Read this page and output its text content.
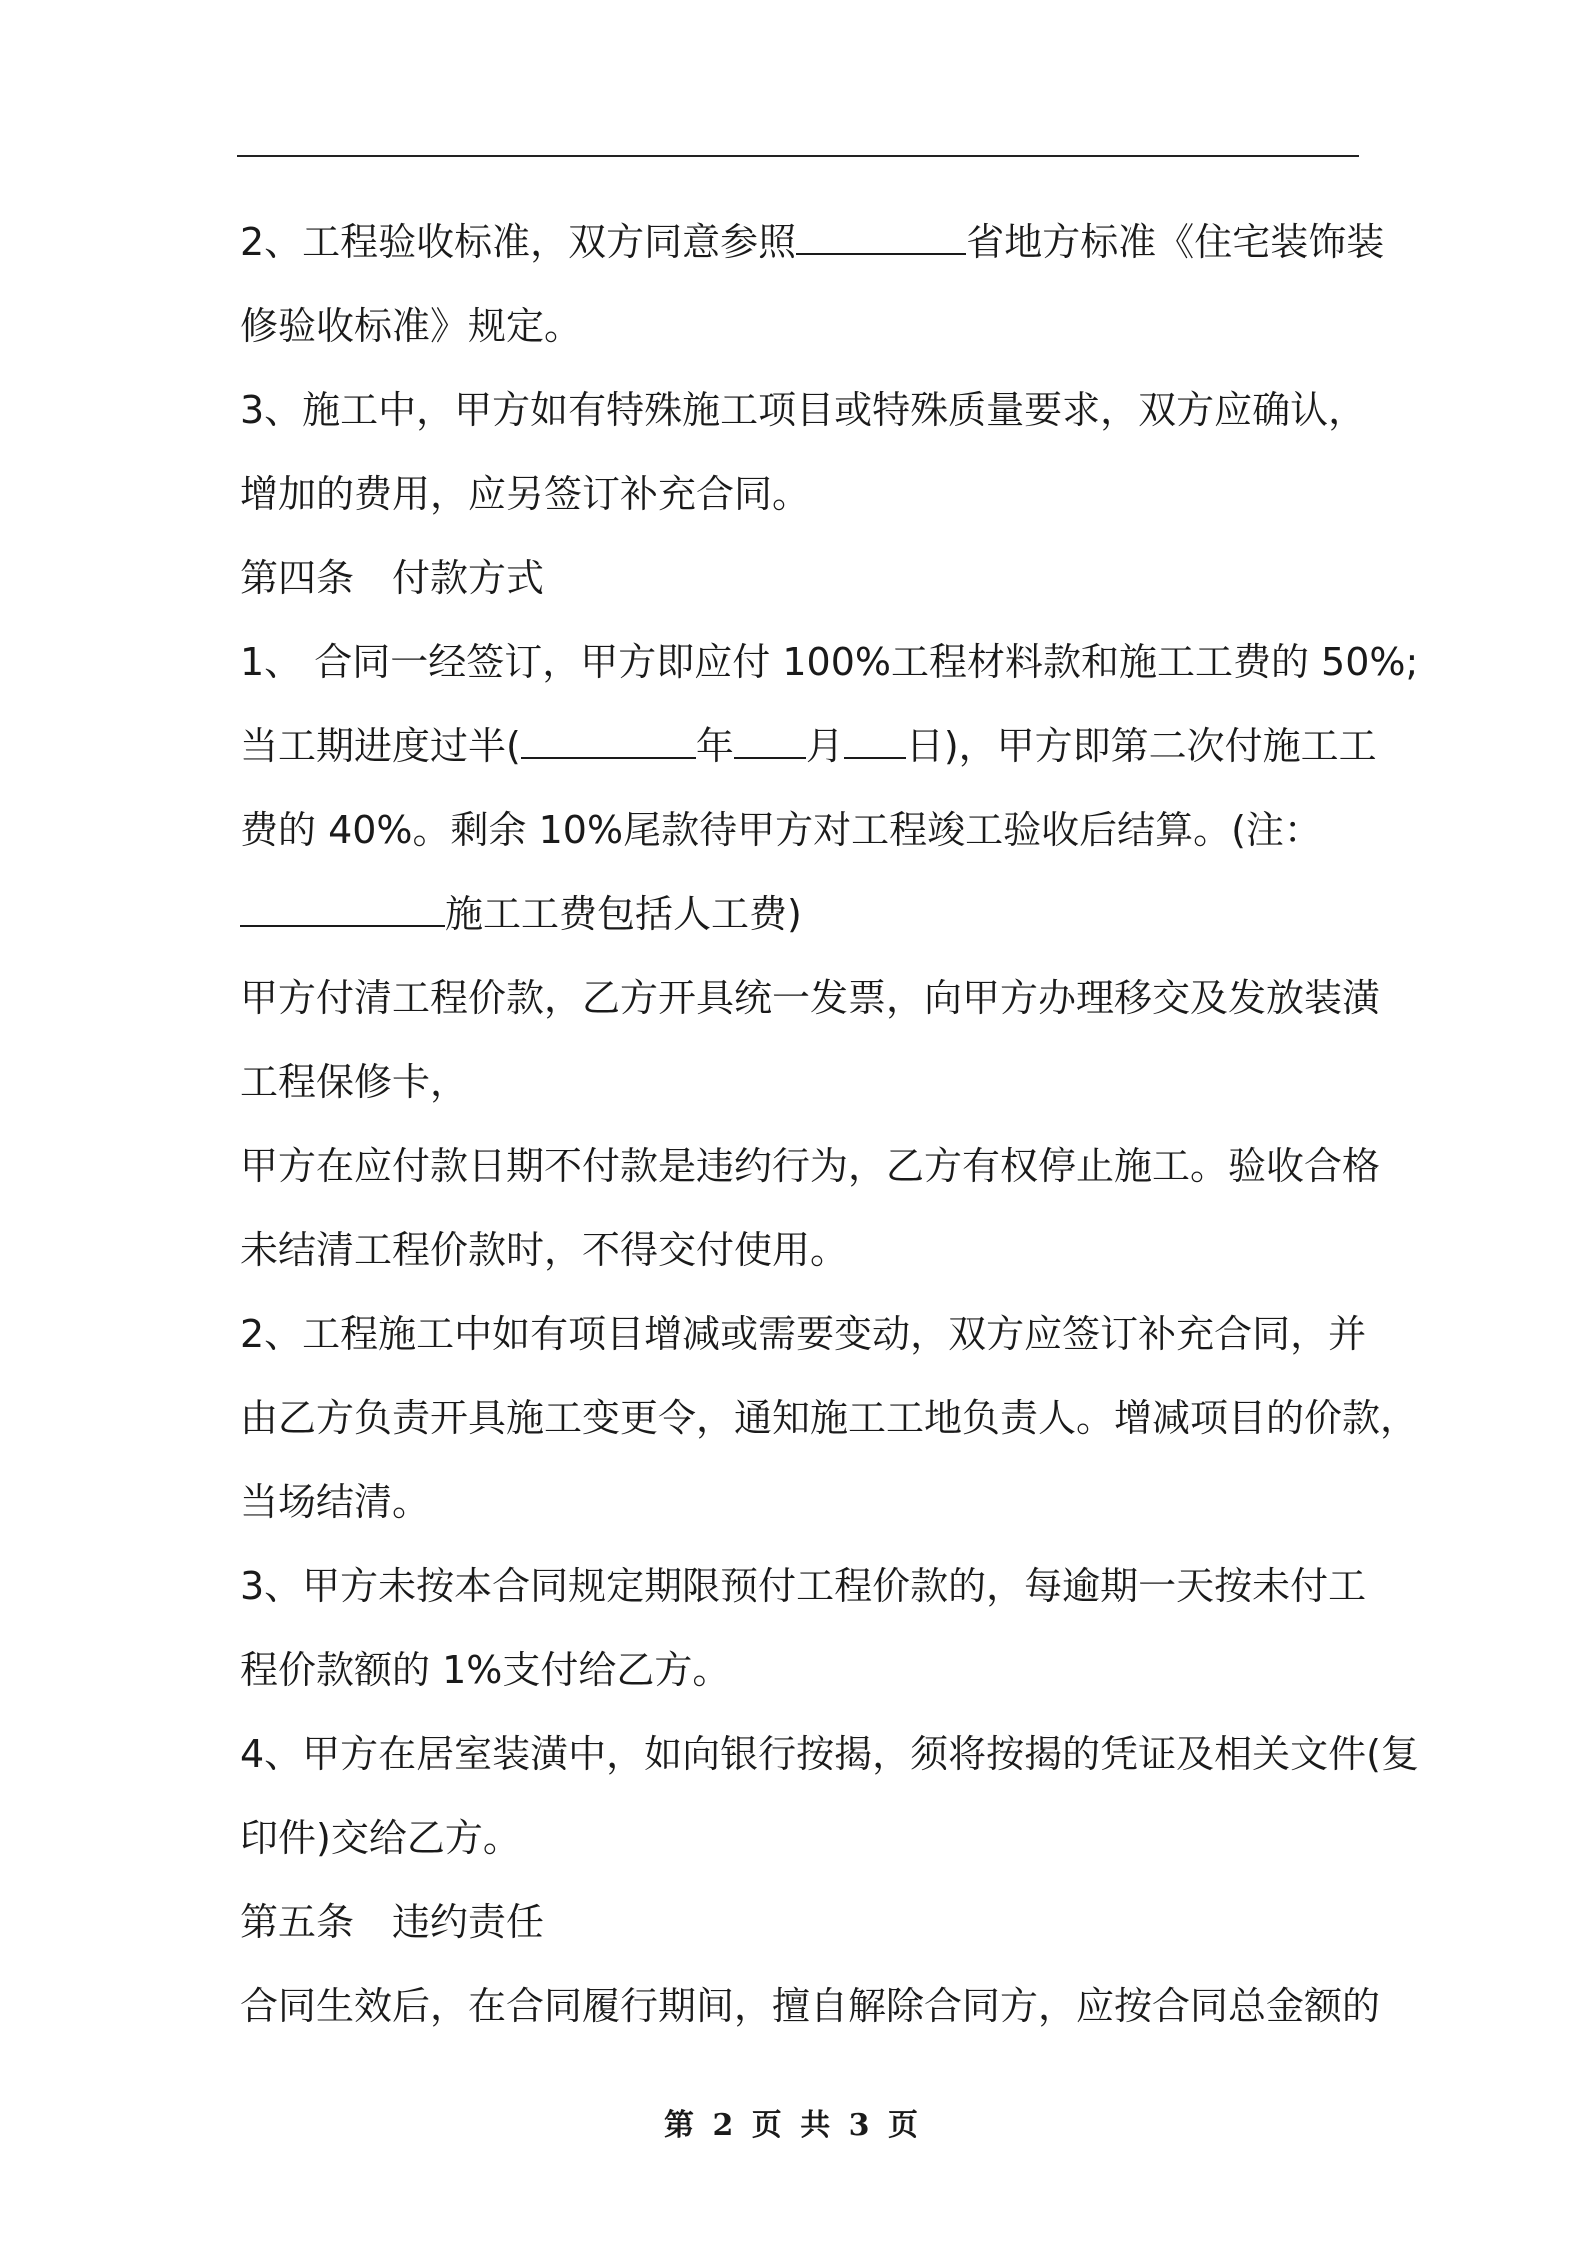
2、工程验收标准，双方同意参照	省地方标准《住宅装饰装
修验收标准》规定。
3、施工中，甲方如有特殊施工项目或特殊质量要求，双方应确认，
增加的费用，应另签订补充合同。
第四条 付款方式
1、 合同一经签订，甲方即应付 100%工程材料款和施工工费的 50%;
当工期进度过半(	年 月 日)，甲方即第二次付施工工
费的 40%。剩余 10%尾款待甲方对工程竣工验收后结算。(注：
施工工费包括人工费)
甲方付清工程价款，乙方开具统一发票，向甲方办理移交及发放装潢
工程保修卡，
甲方在应付款日期不付款是违约行为，乙方有权停止施工。验收合格
未结清工程价款时，不得交付使用。
2、工程施工中如有项目增减或需要变动，双方应签订补充合同，并
由乙方负责开具施工变更令，通知施工工地负责人。增减项目的价款，
当场结清。
3、甲方未按本合同规定期限预付工程价款的，每逾期一天按未付工
程价款额的 1%支付给乙方。
4、甲方在居室装潢中，如向银行按揭，须将按揭的凭证及相关文件(复
印件)交给乙方。
第五条 违约责任
合同生效后，在合同履行期间，擅自解除合同方，应按合同总金额的
第 2 页 共 3 页
